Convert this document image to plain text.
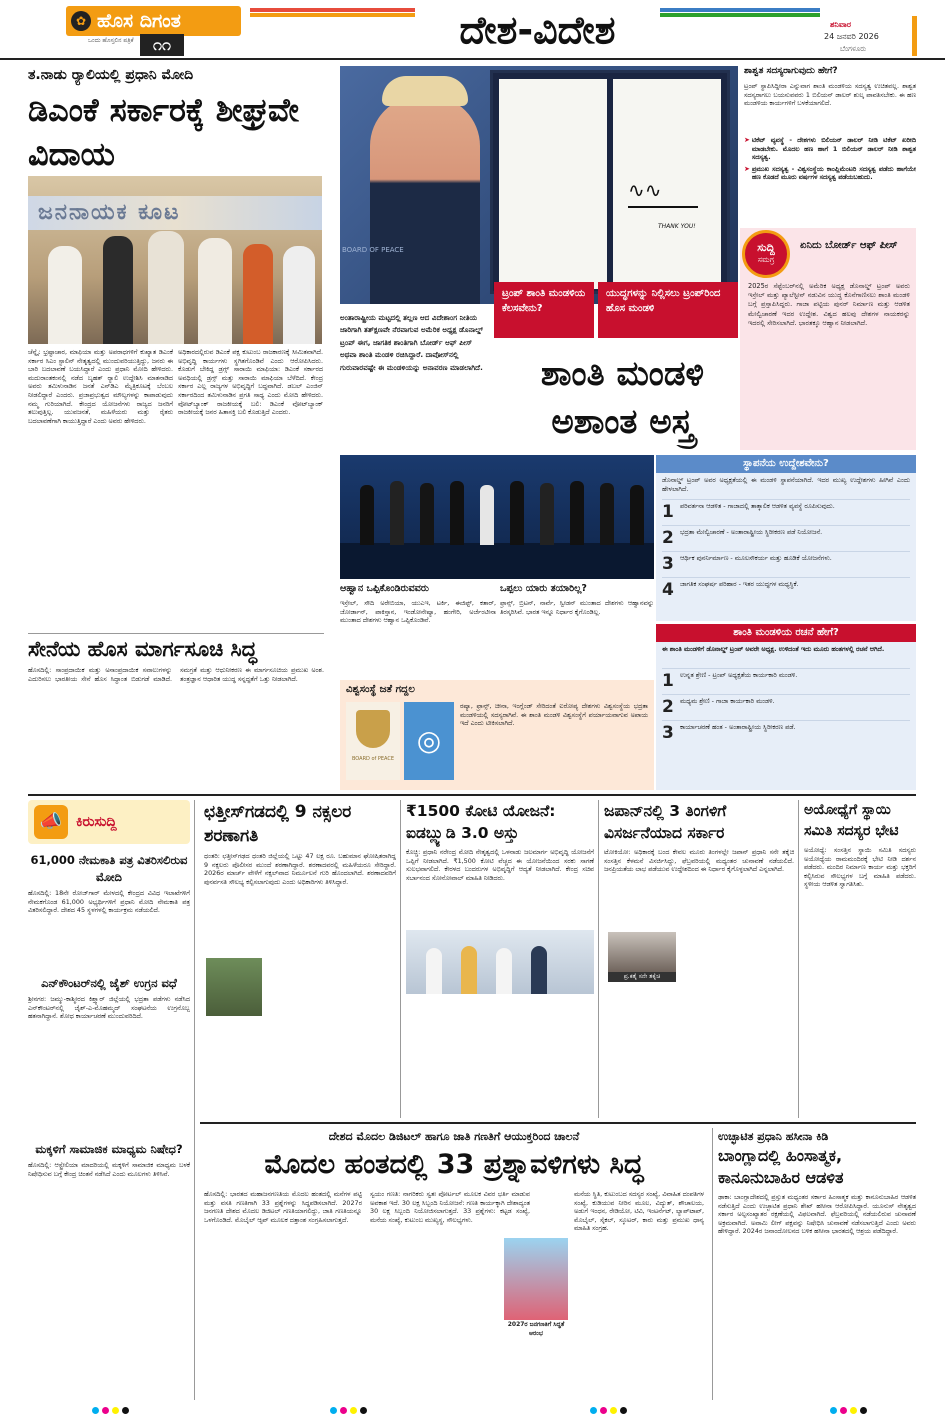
✿ ಹೊಸ ದಿಗಂತ
ಒಂದು ಹೊಸ್ತಲಿನ ಪತ್ರಿಕೆ	೧೧	ದೇಶ-ವಿದೇಶ	ಶನಿವಾರ
24 ಜನವರಿ 2026
ಬೆಂಗಳೂರು
ತ.ನಾಡು ರ್‍ಯಾಲಿಯಲ್ಲಿ ಪ್ರಧಾನಿ ಮೋದಿ
ಡಿಎಂಕೆ ಸರ್ಕಾರಕ್ಕೆ ಶೀಘ್ರವೇ ವಿದಾಯ
ಜನನಾಯಕ ಕೂಟ
ಚೆನ್ನೈ: ಭ್ರಷ್ಟಾಚಾರ, ಮಾಫಿಯಾ ಮತ್ತು ಅಪರಾಧಗಳಿಗೆ ಕುಖ್ಯಾತ ಡಿಎಂಕೆ ಸರ್ಕಾರ ಸಿಎಂ ಸ್ಟಾಲಿನ್ ನೇತೃತ್ವದಲ್ಲಿ ಮುಂದುವರಿಯುತ್ತಿದ್ದು, ಜನರು ಈ ಬಾರಿ ಬದಲಾವಣೆ ಬಯಸಿದ್ದಾರೆ ಎಂದು ಪ್ರಧಾನಿ ಮೋದಿ ಹೇಳಿದರು. ಮದುರಾಂತಕಂನಲ್ಲಿ ನಡೆದ ಬೃಹತ್ ರ್‍ಯಾಲಿ ಉದ್ದೇಶಿಸಿ ಮಾತನಾಡಿದ ಅವರು ತಮಿಳುನಾಡಿನ ಜನತೆ ಎನ್‌ಡಿಎ ಮೈತ್ರಿಕೂಟಕ್ಕೆ ಬೆಂಬಲ ನೀಡಲಿದ್ದಾರೆ ಎಂದರು. ಪ್ರಜಾಪ್ರಭುತ್ವದ ಮೌಲ್ಯಗಳನ್ನು ಕಾಪಾಡುವುದು ನಮ್ಮ ಗುರಿಯಾಗಿದೆ. ಕೇಂದ್ರದ ಯೋಜನೆಗಳು ರಾಜ್ಯದ ಜನರಿಗೆ ತಲುಪುತ್ತಿಲ್ಲ. ಯುವಜನತೆ, ಮಹಿಳೆಯರು ಮತ್ತು ರೈತರು ಬದಲಾವಣೆಗಾಗಿ ಕಾಯುತ್ತಿದ್ದಾರೆ ಎಂದು ಅವರು ಹೇಳಿದರು.
ಅಧಿಕಾರದಲ್ಲಿರುವ ಡಿಎಂಕೆ ಪಕ್ಷ ಕುಟುಂಬ ರಾಜಕಾರಣಕ್ಕೆ ಸೀಮಿತವಾಗಿದೆ. ಅಭಿವೃದ್ಧಿ ಕಾರ್ಯಗಳು ಸ್ಥಗಿತಗೊಂಡಿವೆ ಎಂದು ಆರೋಪಿಸಿದರು. ಕೊಡುಗೆ ಬೇಕಿದ್ದ ಡ್ರಗ್ಸ್ ಸಾರಾಯಿ ಮಾಫಿಯಾ: ಡಿಎಂಕೆ ಸರ್ಕಾರದ ಅವಧಿಯಲ್ಲಿ ಡ್ರಗ್ಸ್ ಮತ್ತು ಸಾರಾಯಿ ಮಾಫಿಯಾ ಬೆಳೆದಿದೆ. ಕೇಂದ್ರ ಸರ್ಕಾರ ಎಲ್ಲ ರಾಜ್ಯಗಳ ಅಭಿವೃದ್ಧಿಗೆ ಬದ್ಧವಾಗಿದೆ. ಡಬಲ್ ಎಂಜಿನ್ ಸರ್ಕಾರದಿಂದ ತಮಿಳುನಾಡಿನ ಪ್ರಗತಿ ಸಾಧ್ಯ ಎಂದು ಮೋದಿ ಹೇಳಿದರು. ವೋಟ್‌ಬ್ಯಾಂಕ್ ರಾಜಕೀಯಕ್ಕೆ ಬಲಿ: ಡಿಎಂಕೆ ವೋಟ್‌ಬ್ಯಾಂಕ್ ರಾಜಕೀಯಕ್ಕೆ ಜನರ ಹಿತಾಸಕ್ತಿ ಬಲಿ ಕೊಡುತ್ತಿದೆ ಎಂದರು.
∿∿
THANK YOU!
BOARD OF PEACE
ಟ್ರಂಪ್ ಶಾಂತಿ ಮಂಡಳಿಯ ಕೆಲಸವೇನು?
ಯುದ್ಧಗಳನ್ನು ನಿಲ್ಲಿಸಲು ಟ್ರಂಪ್‌ರಿಂದ ಹೊಸ ಮಂಡಳಿ
ಅಂತಾರಾಷ್ಟ್ರೀಯ ಮಟ್ಟದಲ್ಲಿ ತಲ್ಲಣ ಆದ ವಿದೇಶಾಂಗ ನೀತಿಯ ಜಾರಿಗಾಗಿ ತತ್ಕ್ಷಣವೇ ನೆರವಾಗುವ ಅಮೆರಿಕ ಅಧ್ಯಕ್ಷ ಡೊನಾಲ್ಡ್ ಟ್ರಂಪ್ ಈಗ, ಜಾಗತಿಕ ಶಾಂತಿಗಾಗಿ ಬೋರ್ಡ್ ಆಫ್ ಪೀಸ್ ಅಥವಾ ಶಾಂತಿ ಮಂಡಳಿ ರಚಿಸಿದ್ದಾರೆ. ದಾವೋಸ್‌ನಲ್ಲಿ ಗುರುವಾರವಷ್ಟೇ ಈ ಮಂಡಳಿಯನ್ನು ಅನಾವರಣ ಮಾಡಲಾಗಿದೆ.	ಶಾಂತಿ ಮಂಡಳಿ ಅಶಾಂತ ಅಸ್ತ್ರ
ಶಾಶ್ವತ ಸದಸ್ಯರಾಗುವುದು ಹೇಗೆ?
ಟ್ರಂಪ್ ಸ್ಥಾಪಿಸಿದ್ದೀರಾ ಎನ್ನುವಾಗ ಶಾಂತಿ ಮಂಡಳಿಯ ಸದಸ್ಯತ್ವ ಉಚಿತವಲ್ಲ. ಶಾಶ್ವತ ಸದಸ್ಯರಾಗಲು ಬಯಸುವವರು 1 ಬಿಲಿಯನ್ ಡಾಲರ್ ಶುಲ್ಕ ಪಾವತಿಸಬೇಕು. ಈ ಹಣ ಮಂಡಳಿಯ ಕಾರ್ಯಗಳಿಗೆ ಬಳಕೆಯಾಗಲಿದೆ.
➤ ಟಿಕೆಟ್ ವ್ಯವಸ್ಥೆ - ದೇಶಗಳು ಬಿಲಿಯನ್ ಡಾಲರ್ ನೀಡಿ ಟಿಕೆಟ್ ಖರೀದಿ ಮಾಡಬೇಕು. ಮೊದಲ ಹಣ ಹಾಗೆ 1 ಬಿಲಿಯನ್ ಡಾಲರ್ ನೀಡಿ ಶಾಶ್ವತ ಸದಸ್ಯತ್ವ.
➤ ಪ್ರಮುಖ ಸದಸ್ಯತ್ವ - ವಿಶ್ವಸಂಸ್ಥೆಯ ಕಾಂಪ್ಲಿಮೆಂಟರಿ ಸದಸ್ಯತ್ವ ಪಡೆದು ಹಾಗೆಯೇ ಹಣ ಕೊಡದೆ ಮೂರು ವರ್ಷಗಳ ಸದಸ್ಯತ್ವ ಪಡೆಯಬಹುದು.
ಸುದ್ದಿ
ಸಮಗ್ರ
ಏನಿದು ಬೋರ್ಡ್ ಆಫ್ ಪೀಸ್
2025ರ ಸೆಪ್ಟೆಂಬರ್‌ನಲ್ಲಿ ಅಮೆರಿಕ ಅಧ್ಯಕ್ಷ ಡೊನಾಲ್ಡ್ ಟ್ರಂಪ್ ಅವರು ಇಸ್ರೇಲ್ ಮತ್ತು ಪ್ಯಾಲೆಸ್ಟೀನ್ ನಡುವಿನ ಯುದ್ಧ ಕೊನೆಗಾಣಿಸಲು ಶಾಂತಿ ಮಂಡಳಿ ಬಗ್ಗೆ ಪ್ರಸ್ತಾಪಿಸಿದ್ದರು. ಗಾಜಾ ಪಟ್ಟಿಯ ಪುನರ್ ನಿರ್ಮಾಣ ಮತ್ತು ಆಡಳಿತ ಮೇಲ್ವಿಚಾರಣೆ ಇದರ ಉದ್ದೇಶ. ವಿಶ್ವದ ಹಲವು ದೇಶಗಳ ನಾಯಕರನ್ನು ಇದರಲ್ಲಿ ಸೇರಿಸಲಾಗಿದೆ. ಭಾರತಕ್ಕೂ ಆಹ್ವಾನ ನೀಡಲಾಗಿದೆ.
ಆಹ್ವಾನ ಒಪ್ಪಿಕೊಂಡಿರುವವರು
ಇಸ್ರೇಲ್, ಸೌದಿ ಅರೇಬಿಯಾ, ಯುಎಇ, ಟರ್ಕಿ, ಈಜಿಪ್ಟ್, ಕತಾರ್, ಜೋರ್ಡಾನ್, ಪಾಕಿಸ್ತಾನ, ಇಂಡೋನೇಷ್ಯಾ, ಹಂಗೇರಿ, ಅರ್ಜೆಂಟೀನಾ ಮುಂತಾದ ದೇಶಗಳು ಆಹ್ವಾನ ಒಪ್ಪಿಕೊಂಡಿವೆ.
ಒಪ್ಪಲು ಯಾರು ತಯಾರಿಲ್ಲ?
ಫ್ರಾನ್ಸ್, ಬ್ರಿಟನ್, ನಾರ್ವೆ, ಸ್ವೀಡನ್ ಮುಂತಾದ ದೇಶಗಳು ಆಹ್ವಾನವನ್ನು ತಿರಸ್ಕರಿಸಿವೆ. ಭಾರತ ಇನ್ನೂ ನಿರ್ಧಾರ ಕೈಗೊಂಡಿಲ್ಲ.
ವಿಶ್ವಸಂಸ್ಥೆ ಜತೆ ಗದ್ದಲ
BOARD of PEACE
◎
ರಷ್ಯಾ, ಫ್ರಾನ್ಸ್, ಚೀನಾ, ಇಂಗ್ಲೆಂಡ್ ಸೇರಿದಂತೆ ಐರೋಪ್ಯ ದೇಶಗಳು ವಿಶ್ವಸಂಸ್ಥೆಯ ಭದ್ರತಾ ಮಂಡಳಿಯಲ್ಲಿ ಸದಸ್ಯರಾಗಿವೆ. ಈ ಶಾಂತಿ ಮಂಡಳಿ ವಿಶ್ವಸಂಸ್ಥೆಗೆ ಪರ್ಯಾಯವಾಗುವ ಅಪಾಯ ಇದೆ ಎಂದು ಟೀಕಿಸಲಾಗಿದೆ.
ಸ್ಥಾಪನೆಯ ಉದ್ದೇಶವೇನು?
ಡೊನಾಲ್ಡ್ ಟ್ರಂಪ್ ಅವರ ಅಧ್ಯಕ್ಷತೆಯಲ್ಲಿ ಈ ಮಂಡಳಿ ಸ್ಥಾಪನೆಯಾಗಿದೆ. ಇದರ ಮುಖ್ಯ ಉದ್ದೇಶಗಳು ಹೀಗಿವೆ ಎಂದು ಹೇಳಲಾಗಿದೆ.
1 ಪರಿವರ್ತನಾ ಆಡಳಿತ - ಗಾಜಾದಲ್ಲಿ ತಾತ್ಕಾಲಿಕ ಆಡಳಿತ ವ್ಯವಸ್ಥೆ ರೂಪಿಸುವುದು.
2 ಭದ್ರತಾ ಮೇಲ್ವಿಚಾರಣೆ - ಅಂತಾರಾಷ್ಟ್ರೀಯ ಸ್ಥಿರೀಕರಣ ಪಡೆ ನಿಯೋಜನೆ.
3 ಆರ್ಥಿಕ ಪುನರ್ನಿರ್ಮಾಣ - ಮೂಲಸೌಕರ್ಯ ಮತ್ತು ಹೂಡಿಕೆ ಯೋಜನೆಗಳು.
4 ಜಾಗತಿಕ ಸಂಘರ್ಷ ಪರಿಹಾರ - ಇತರ ಯುದ್ಧಗಳ ಮಧ್ಯಸ್ಥಿಕೆ.
ಶಾಂತಿ ಮಂಡಳಿಯ ರಚನೆ ಹೇಗೆ?
ಈ ಶಾಂತಿ ಮಂಡಳಿಗೆ ಡೊನಾಲ್ಡ್ ಟ್ರಂಪ್ ಅವರೇ ಅಧ್ಯಕ್ಷ. ಉಳಿದಂತೆ ಇದು ಮೂರು ಹಂತಗಳಲ್ಲಿ ರಚನೆ ಆಗಿದೆ.
1 ಉನ್ನತ ಶ್ರೇಣಿ - ಟ್ರಂಪ್ ಅಧ್ಯಕ್ಷತೆಯ ಕಾರ್ಯಕಾರಿ ಮಂಡಳಿ.
2 ಮಧ್ಯಮ ಶ್ರೇಣಿ - ಗಾಜಾ ಕಾರ್ಯಕಾರಿ ಮಂಡಳಿ.
3 ಕಾರ್ಯಾಚರಣೆ ಹಂತ - ಅಂತಾರಾಷ್ಟ್ರೀಯ ಸ್ಥಿರೀಕರಣ ಪಡೆ.
ಸೇನೆಯ ಹೊಸ ಮಾರ್ಗಸೂಚಿ ಸಿದ್ಧ
ಹೊಸದಿಲ್ಲಿ: ಸಾಂಪ್ರದಾಯಿಕ ಮತ್ತು ಅಸಾಂಪ್ರದಾಯಿಕ ಸವಾಲುಗಳನ್ನು ಎದುರಿಸಲು ಭಾರತೀಯ ಸೇನೆ ಹೊಸ ಸಿದ್ಧಾಂತ ಬಿಡುಗಡೆ ಮಾಡಿದೆ. ಸಮಗ್ರತೆ ಮತ್ತು ಆಧುನೀಕರಣ ಈ ಮಾರ್ಗಸೂಚಿಯ ಪ್ರಮುಖ ಅಂಶ. ತಂತ್ರಜ್ಞಾನ ಆಧಾರಿತ ಯುದ್ಧ ಸನ್ನದ್ಧತೆಗೆ ಒತ್ತು ನೀಡಲಾಗಿದೆ.
📣 ಕಿರುಸುದ್ದಿ
61,000 ನೇಮಕಾತಿ ಪತ್ರ ವಿತರಿಸಲಿರುವ ಮೋದಿ
ಹೊಸದಿಲ್ಲಿ: 18ನೇ ರೋಜ್‌ಗಾರ್ ಮೇಳದಲ್ಲಿ ಕೇಂದ್ರದ ವಿವಿಧ ಇಲಾಖೆಗಳಿಗೆ ನೇಮಕಗೊಂಡ 61,000 ಅಭ್ಯರ್ಥಿಗಳಿಗೆ ಪ್ರಧಾನಿ ಮೋದಿ ನೇಮಕಾತಿ ಪತ್ರ ವಿತರಿಸಲಿದ್ದಾರೆ. ದೇಶದ 45 ಸ್ಥಳಗಳಲ್ಲಿ ಕಾರ್ಯಕ್ರಮ ನಡೆಯಲಿದೆ.
ಎನ್‌ಕೌಂಟರ್‌ನಲ್ಲಿ ಜೈಶ್ ಉಗ್ರನ ವಧೆ
ಶ್ರೀನಗರ: ಜಮ್ಮು-ಕಾಶ್ಮೀರದ ಕಿಶ್ತ್ವಾರ್ ಜಿಲ್ಲೆಯಲ್ಲಿ ಭದ್ರತಾ ಪಡೆಗಳು ನಡೆಸಿದ ಎನ್‌ಕೌಂಟರ್‌ನಲ್ಲಿ ಜೈಶ್-ಎ-ಮೊಹಮ್ಮದ್ ಸಂಘಟನೆಯ ಉಗ್ರನೊಬ್ಬ ಹತನಾಗಿದ್ದಾನೆ. ಶೋಧ ಕಾರ್ಯಾಚರಣೆ ಮುಂದುವರಿದಿದೆ.
ಮಕ್ಕಳಿಗೆ ಸಾಮಾಜಿಕ ಮಾಧ್ಯಮ ನಿಷೇಧ?
ಹೊಸದಿಲ್ಲಿ: ಆಸ್ಟ್ರೇಲಿಯಾ ಮಾದರಿಯಲ್ಲಿ ಮಕ್ಕಳಿಗೆ ಸಾಮಾಜಿಕ ಮಾಧ್ಯಮ ಬಳಕೆ ನಿಷೇಧಿಸುವ ಬಗ್ಗೆ ಕೇಂದ್ರ ಚಿಂತನೆ ನಡೆಸಿದೆ ಎಂದು ಮೂಲಗಳು ತಿಳಿಸಿವೆ.
ಛತ್ತೀಸ್‌ಗಡದಲ್ಲಿ 9 ನಕ್ಸಲರ ಶರಣಾಗತಿ
ಧಂತರಿ: ಛತ್ತೀಸ್‌ಗಢದ ಧಂತರಿ ಜಿಲ್ಲೆಯಲ್ಲಿ ಒಟ್ಟು 47 ಲಕ್ಷ ರೂ. ಬಹುಮಾನ ಘೋಷಿತರಾಗಿದ್ದ 9 ನಕ್ಸಲರು ಪೊಲೀಸರ ಮುಂದೆ ಶರಣಾಗಿದ್ದಾರೆ. ಶರಣಾದವರಲ್ಲಿ ಮಹಿಳೆಯರೂ ಸೇರಿದ್ದಾರೆ. 2026ರ ಮಾರ್ಚ್ ವೇಳೆಗೆ ನಕ್ಸಲ್‌ವಾದ ನಿರ್ಮೂಲನೆ ಗುರಿ ಹೊಂದಲಾಗಿದೆ. ಶರಣಾದವರಿಗೆ ಪುನರ್ವಸತಿ ಸೌಲಭ್ಯ ಕಲ್ಪಿಸಲಾಗುವುದು ಎಂದು ಅಧಿಕಾರಿಗಳು ತಿಳಿಸಿದ್ದಾರೆ.
₹1500 ಕೋಟಿ ಯೋಜನೆ: ಐಡಬ್ಲ್ಯುಡಿ 3.0 ಅಸ್ತು
ಕೊಚ್ಚಿ: ಪ್ರಧಾನಿ ನರೇಂದ್ರ ಮೋದಿ ನೇತೃತ್ವದಲ್ಲಿ ಒಳನಾಡು ಜಲಮಾರ್ಗ ಅಭಿವೃದ್ಧಿ ಯೋಜನೆಗೆ ಒಪ್ಪಿಗೆ ನೀಡಲಾಗಿದೆ. ₹1,500 ಕೋಟಿ ವೆಚ್ಚದ ಈ ಯೋಜನೆಯಿಂದ ಸರಕು ಸಾಗಣೆ ಸುಲಭವಾಗಲಿದೆ. ಕೇರಳದ ಬಂದರುಗಳ ಅಭಿವೃದ್ಧಿಗೆ ಆದ್ಯತೆ ನೀಡಲಾಗಿದೆ. ಕೇಂದ್ರ ಸಚಿವ ಸರ್ಬಾನಂದ ಸೋನೋವಾಲ್ ಮಾಹಿತಿ ನೀಡಿದರು.
ಜಪಾನ್‌ನಲ್ಲಿ 3 ತಿಂಗಳಿಗೆ ವಿಸರ್ಜನೆಯಾದ ಸರ್ಕಾರ
ಟೋಕಿಯೋ: ಅಧಿಕಾರಕ್ಕೆ ಬಂದ ಕೇವಲ ಮೂರು ತಿಂಗಳಲ್ಲೇ ಜಪಾನ್ ಪ್ರಧಾನಿ ಸನೇ ತಕೈಚಿ ಸಂಸತ್ತಿನ ಕೆಳಮನೆ ವಿಸರ್ಜಿಸಿದ್ದು, ಫೆಬ್ರವರಿಯಲ್ಲಿ ಮಧ್ಯಂತರ ಚುನಾವಣೆ ನಡೆಯಲಿದೆ. ಜನಪ್ರಿಯತೆಯ ಲಾಭ ಪಡೆಯುವ ಉದ್ದೇಶದಿಂದ ಈ ನಿರ್ಧಾರ ಕೈಗೊಳ್ಳಲಾಗಿದೆ ಎನ್ನಲಾಗಿದೆ.
ಪ್ರ.ಕತೈ ಸನೇ ತಕೈಚಿ
ಅಯೋಧ್ಯೆಗೆ ಸ್ಥಾಯಿ ಸಮಿತಿ ಸದಸ್ಯರ ಭೇಟಿ
ಅಯೋಧ್ಯೆ: ಸಂಸತ್ತಿನ ಸ್ಥಾಯಿ ಸಮಿತಿ ಸದಸ್ಯರು ಅಯೋಧ್ಯೆಯ ರಾಮಮಂದಿರಕ್ಕೆ ಭೇಟಿ ನೀಡಿ ದರ್ಶನ ಪಡೆದರು. ಮಂದಿರ ನಿರ್ಮಾಣ ಕಾರ್ಯ ಮತ್ತು ಭಕ್ತರಿಗೆ ಕಲ್ಪಿಸಿರುವ ಸೌಲಭ್ಯಗಳ ಬಗ್ಗೆ ಮಾಹಿತಿ ಪಡೆದರು. ಸ್ಥಳೀಯ ಆಡಳಿತ ಸ್ವಾಗತಿಸಿತು.
ದೇಶದ ಮೊದಲ ಡಿಜಿಟಲ್ ಹಾಗೂ ಜಾತಿ ಗಣತಿಗೆ ಆಯುಕ್ತರಿಂದ ಚಾಲನೆ
ಮೊದಲ ಹಂತದಲ್ಲಿ 33 ಪ್ರಶ್ನಾವಳಿಗಳು ಸಿದ್ಧ
ಹೊಸದಿಲ್ಲಿ: ಭಾರತದ ಮಹಾಜನಗಣತಿಯ ಮೊದಲ ಹಂತದಲ್ಲಿ ಮನೆಗಳ ಪಟ್ಟಿ ಮತ್ತು ವಸತಿ ಗಣತಿಗಾಗಿ 33 ಪ್ರಶ್ನೆಗಳನ್ನು ಸಿದ್ಧಪಡಿಸಲಾಗಿದೆ. 2027ರ ಜನಗಣತಿ ದೇಶದ ಮೊದಲ ಡಿಜಿಟಲ್ ಗಣತಿಯಾಗಲಿದ್ದು, ಜಾತಿ ಗಣತಿಯನ್ನೂ ಒಳಗೊಂಡಿದೆ. ಮೊಬೈಲ್ ಆ್ಯಪ್ ಮೂಲಕ ದತ್ತಾಂಶ ಸಂಗ್ರಹಿಸಲಾಗುತ್ತದೆ.
ಸ್ವಯಂ ಗಣತಿ: ನಾಗರಿಕರು ಸ್ವತಃ ಪೋರ್ಟಲ್ ಮೂಲಕ ವಿವರ ಭರ್ತಿ ಮಾಡುವ ಅವಕಾಶ ಇದೆ. 30 ಲಕ್ಷ ಸಿಬ್ಬಂದಿ ನಿಯೋಜನೆ: ಗಣತಿ ಕಾರ್ಯಕ್ಕಾಗಿ ದೇಶಾದ್ಯಂತ 30 ಲಕ್ಷ ಸಿಬ್ಬಂದಿ ನಿಯೋಜಿಸಲಾಗುತ್ತದೆ. 33 ಪ್ರಶ್ನೆಗಳು: ಕಟ್ಟಡ ಸಂಖ್ಯೆ, ಮನೆಯ ಸಂಖ್ಯೆ, ಕುಟುಂಬ ಮುಖ್ಯಸ್ಥ, ಸೌಲಭ್ಯಗಳು.
2027ರ ಜನಗಣತಿಗೆ ಸಿದ್ಧತೆ ಆರಂಭ
ಮನೆಯ ಸ್ಥಿತಿ, ಕುಟುಂಬದ ಸದಸ್ಯರ ಸಂಖ್ಯೆ, ವಿವಾಹಿತ ದಂಪತಿಗಳ ಸಂಖ್ಯೆ, ಕುಡಿಯುವ ನೀರಿನ ಮೂಲ, ವಿದ್ಯುತ್, ಶೌಚಾಲಯ, ಅಡುಗೆ ಇಂಧನ, ರೇಡಿಯೋ, ಟಿವಿ, ಇಂಟರ್ನೆಟ್, ಲ್ಯಾಪ್‌ಟಾಪ್, ಮೊಬೈಲ್, ಸೈಕಲ್, ಸ್ಕೂಟರ್, ಕಾರು ಮತ್ತು ಪ್ರಮುಖ ಧಾನ್ಯ ಮಾಹಿತಿ ಸಂಗ್ರಹ.
ಉಚ್ಛಾಟಿತ ಪ್ರಧಾನಿ ಹಸೀನಾ ಕಿಡಿ
ಬಾಂಗ್ಲಾದಲ್ಲಿ ಹಿಂಸಾತ್ಮಕ, ಕಾನೂನುಬಾಹಿರ ಆಡಳಿತ
ಢಾಕಾ: ಬಾಂಗ್ಲಾದೇಶದಲ್ಲಿ ಪ್ರಸ್ತುತ ಮಧ್ಯಂತರ ಸರ್ಕಾರ ಹಿಂಸಾತ್ಮಕ ಮತ್ತು ಕಾನೂನುಬಾಹಿರ ಆಡಳಿತ ನಡೆಸುತ್ತಿದೆ ಎಂದು ಉಚ್ಛಾಟಿತ ಪ್ರಧಾನಿ ಶೇಖ್ ಹಸೀನಾ ಆರೋಪಿಸಿದ್ದಾರೆ. ಯೂನುಸ್ ನೇತೃತ್ವದ ಸರ್ಕಾರ ಅಲ್ಪಸಂಖ್ಯಾತರ ರಕ್ಷಣೆಯಲ್ಲಿ ವಿಫಲವಾಗಿದೆ. ಫೆಬ್ರವರಿಯಲ್ಲಿ ನಡೆಯಲಿರುವ ಚುನಾವಣೆ ಅಕ್ರಮವಾಗಿದೆ. ಅವಾಮಿ ಲೀಗ್ ಪಕ್ಷವನ್ನು ನಿಷೇಧಿಸಿ ಚುನಾವಣೆ ನಡೆಸಲಾಗುತ್ತಿದೆ ಎಂದು ಅವರು ಹೇಳಿದ್ದಾರೆ. 2024ರ ಜನಾಂದೋಲನದ ಬಳಿಕ ಹಸೀನಾ ಭಾರತದಲ್ಲಿ ಆಶ್ರಯ ಪಡೆದಿದ್ದಾರೆ.
